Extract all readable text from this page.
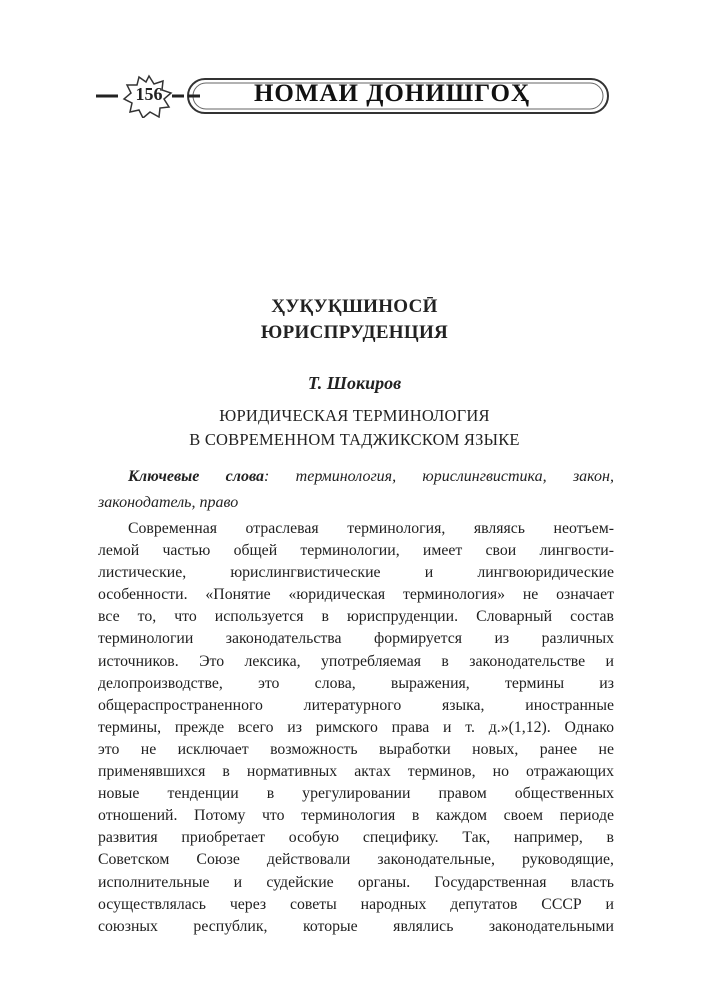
156	НОМАИ ДОНИШГОҲ
ҲУҚУҚШИНОСӢ
ЮРИСПРУДЕНЦИЯ
Т. Шокиров
ЮРИДИЧЕСКАЯ ТЕРМИНОЛОГИЯ
В СОВРЕМЕННОМ ТАДЖИКСКОМ ЯЗЫКЕ
Ключевые слова: терминология, юрислингвистика, закон,
законодатель, право
Современная отраслевая терминология, являясь неотъем-
лемой частью общей терминологии, имеет свои лингвости-
листические, юрислингвистические и лингвоюридические
особенности. «Понятие «юридическая терминология» не означает
все то, что используется в юриспруденции. Словарный состав
терминологии законодательства формируется из различных
источников. Это лексика, употребляемая в законодательстве и
делопроизводстве, это слова, выражения, термины из
общераспространенного литературного языка, иностранные
термины, прежде всего из римского права и т. д.»(1,12). Однако
это не исключает возможность выработки новых, ранее не
применявшихся в нормативных актах терминов, но отражающих
новые тенденции в урегулировании правом общественных
отношений. Потому что терминология в каждом своем периоде
развития приобретает особую специфику. Так, например, в
Советском Союзе действовали законодательные, руководящие,
исполнительные и судейские органы. Государственная власть
осуществлялась через советы народных депутатов СССР и
союзных республик, которые являлись законодательными
